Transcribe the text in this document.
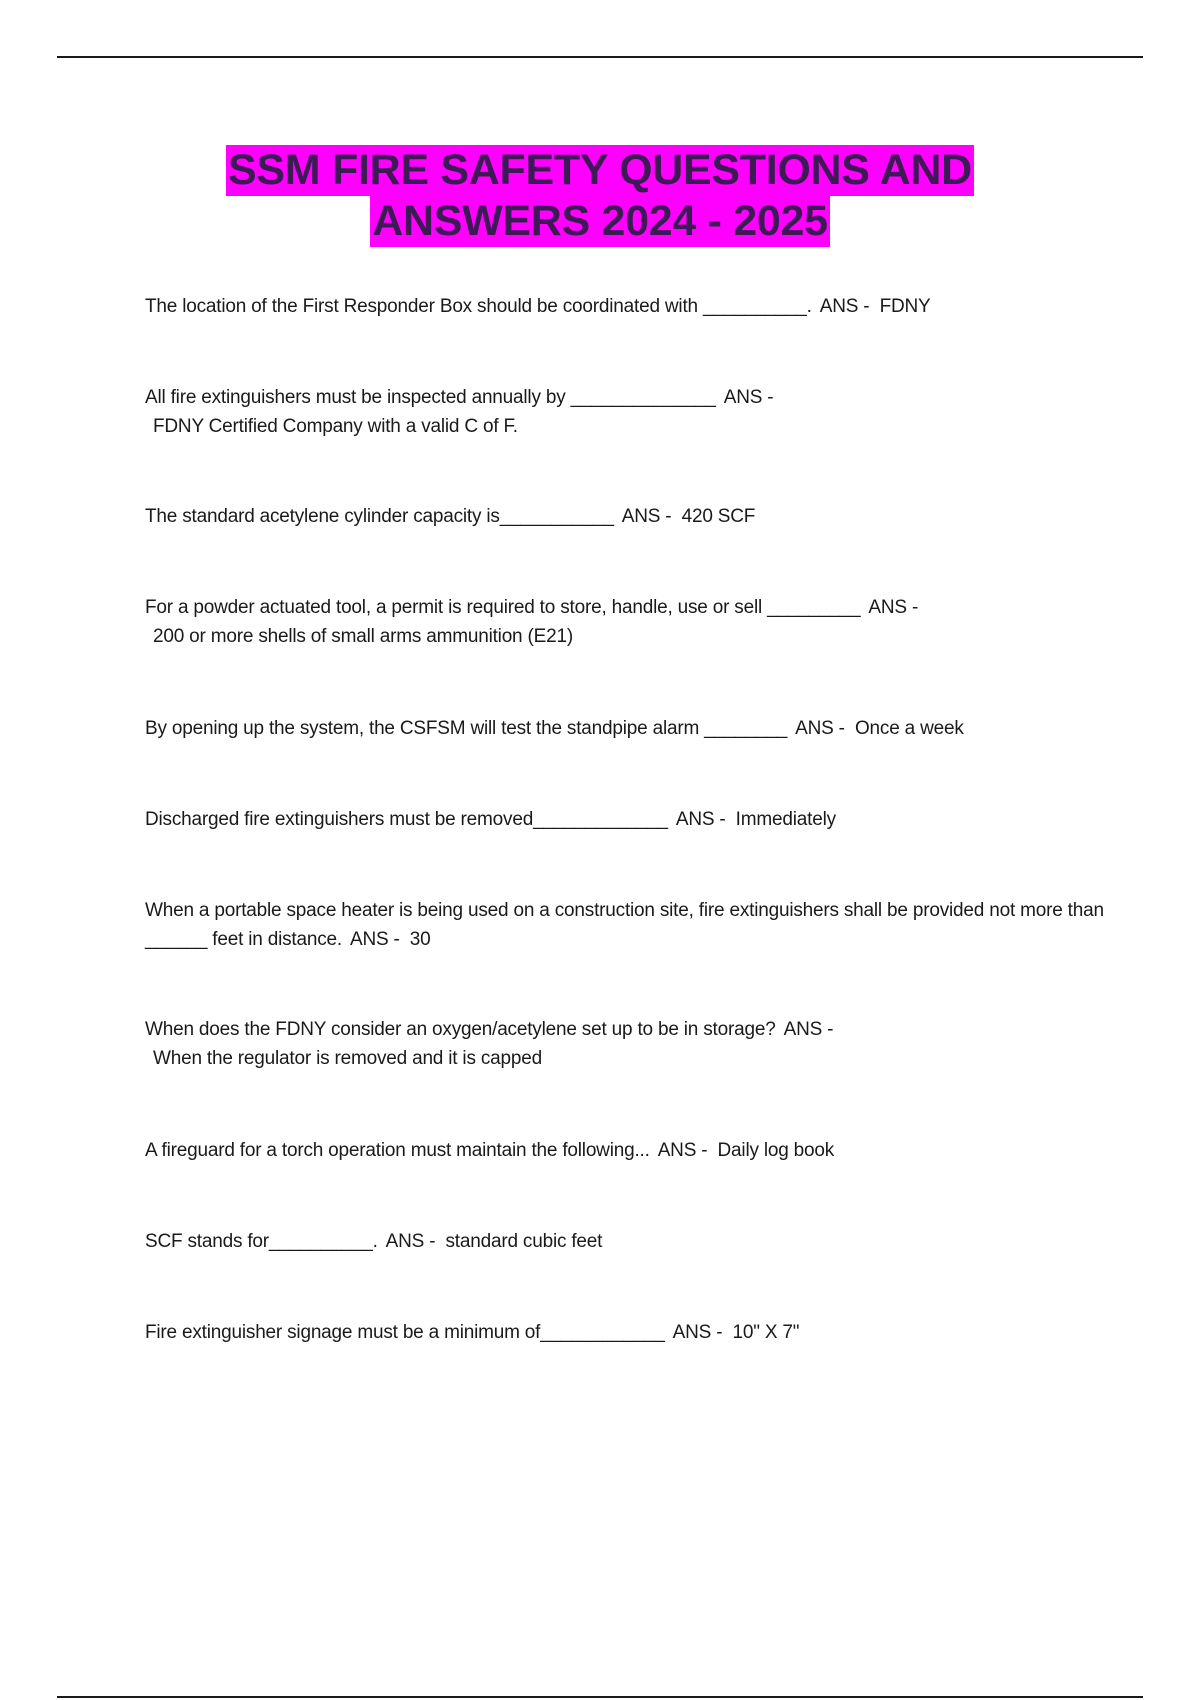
SSM FIRE SAFETY QUESTIONS AND
ANSWERS 2024 - 2025

The location of the First Responder Box should be coordinated with __________. ANS -  FDNY

All fire extinguishers must be inspected annually by ______________ ANS -
FDNY Certified Company with a valid C of F.

The standard acetylene cylinder capacity is___________ ANS -  420 SCF

For a powder actuated tool, a permit is required to store, handle, use or sell _________ ANS -
200 or more shells of small arms ammunition (E21)

By opening up the system, the CSFSM will test the standpipe alarm ________ ANS -  Once a week

Discharged fire extinguishers must be removed_____________ ANS -  Immediately

When a portable space heater is being used on a construction site, fire extinguishers shall be provided not more than ______ feet in distance. ANS -  30

When does the FDNY consider an oxygen/acetylene set up to be in storage? ANS -
When the regulator is removed and it is capped

A fireguard for a torch operation must maintain the following... ANS -  Daily log book

SCF stands for__________. ANS -  standard cubic feet

Fire extinguisher signage must be a minimum of____________ ANS -  10" X 7"
